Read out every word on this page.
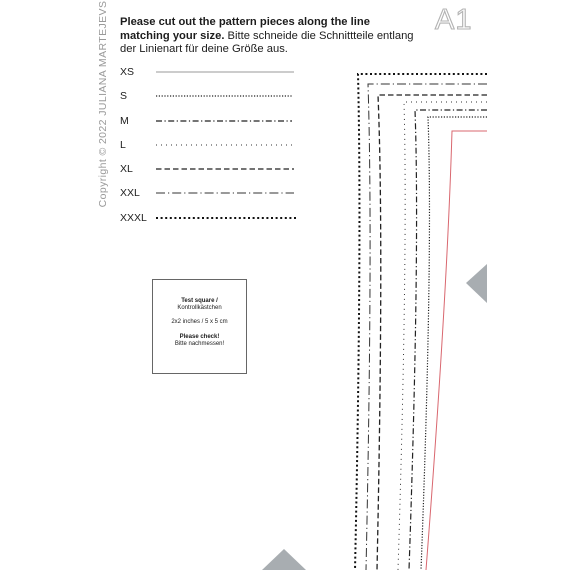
Copyright © 2022 JULIANA MARTEJEVS	A1
Please cut out the pattern pieces along the line matching your size. Bitte schneide die Schnittteile entlang der Linienart für deine Größe aus.
XS
S
M
L
XL
XXL
XXXL
Test square /
Kontrollkästchen
2x2 inches / 5 x 5 cm
Please check!
Bitte nachmessen!
